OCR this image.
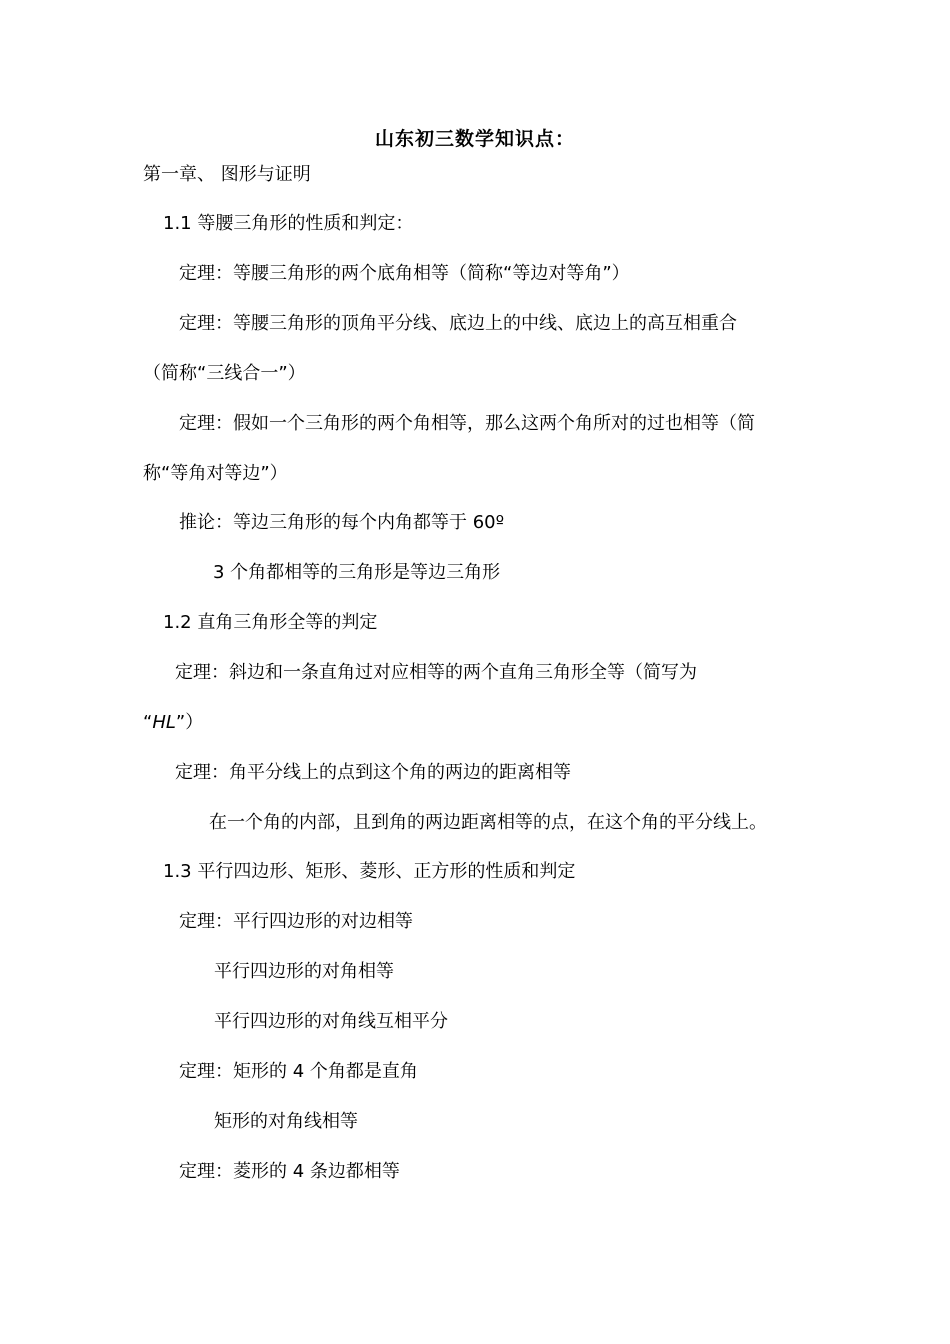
山东初三数学知识点：
第一章、 图形与证明
1.1 等腰三角形的性质和判定：
定理：等腰三角形的两个底角相等（简称“等边对等角”）
定理：等腰三角形的顶角平分线、底边上的中线、底边上的高互相重合
（简称“三线合一”）
定理：假如一个三角形的两个角相等，那么这两个角所对的过也相等（简
称“等角对等边”）
推论：等边三角形的每个内角都等于 60º
3 个角都相等的三角形是等边三角形
1.2 直角三角形全等的判定
定理：斜边和一条直角过对应相等的两个直角三角形全等（简写为
“HL”）
定理：角平分线上的点到这个角的两边的距离相等
在一个角的内部，且到角的两边距离相等的点，在这个角的平分线上。
1.3 平行四边形、矩形、菱形、正方形的性质和判定
定理：平行四边形的对边相等
平行四边形的对角相等
平行四边形的对角线互相平分
定理：矩形的 4 个角都是直角
矩形的对角线相等
定理：菱形的 4 条边都相等
